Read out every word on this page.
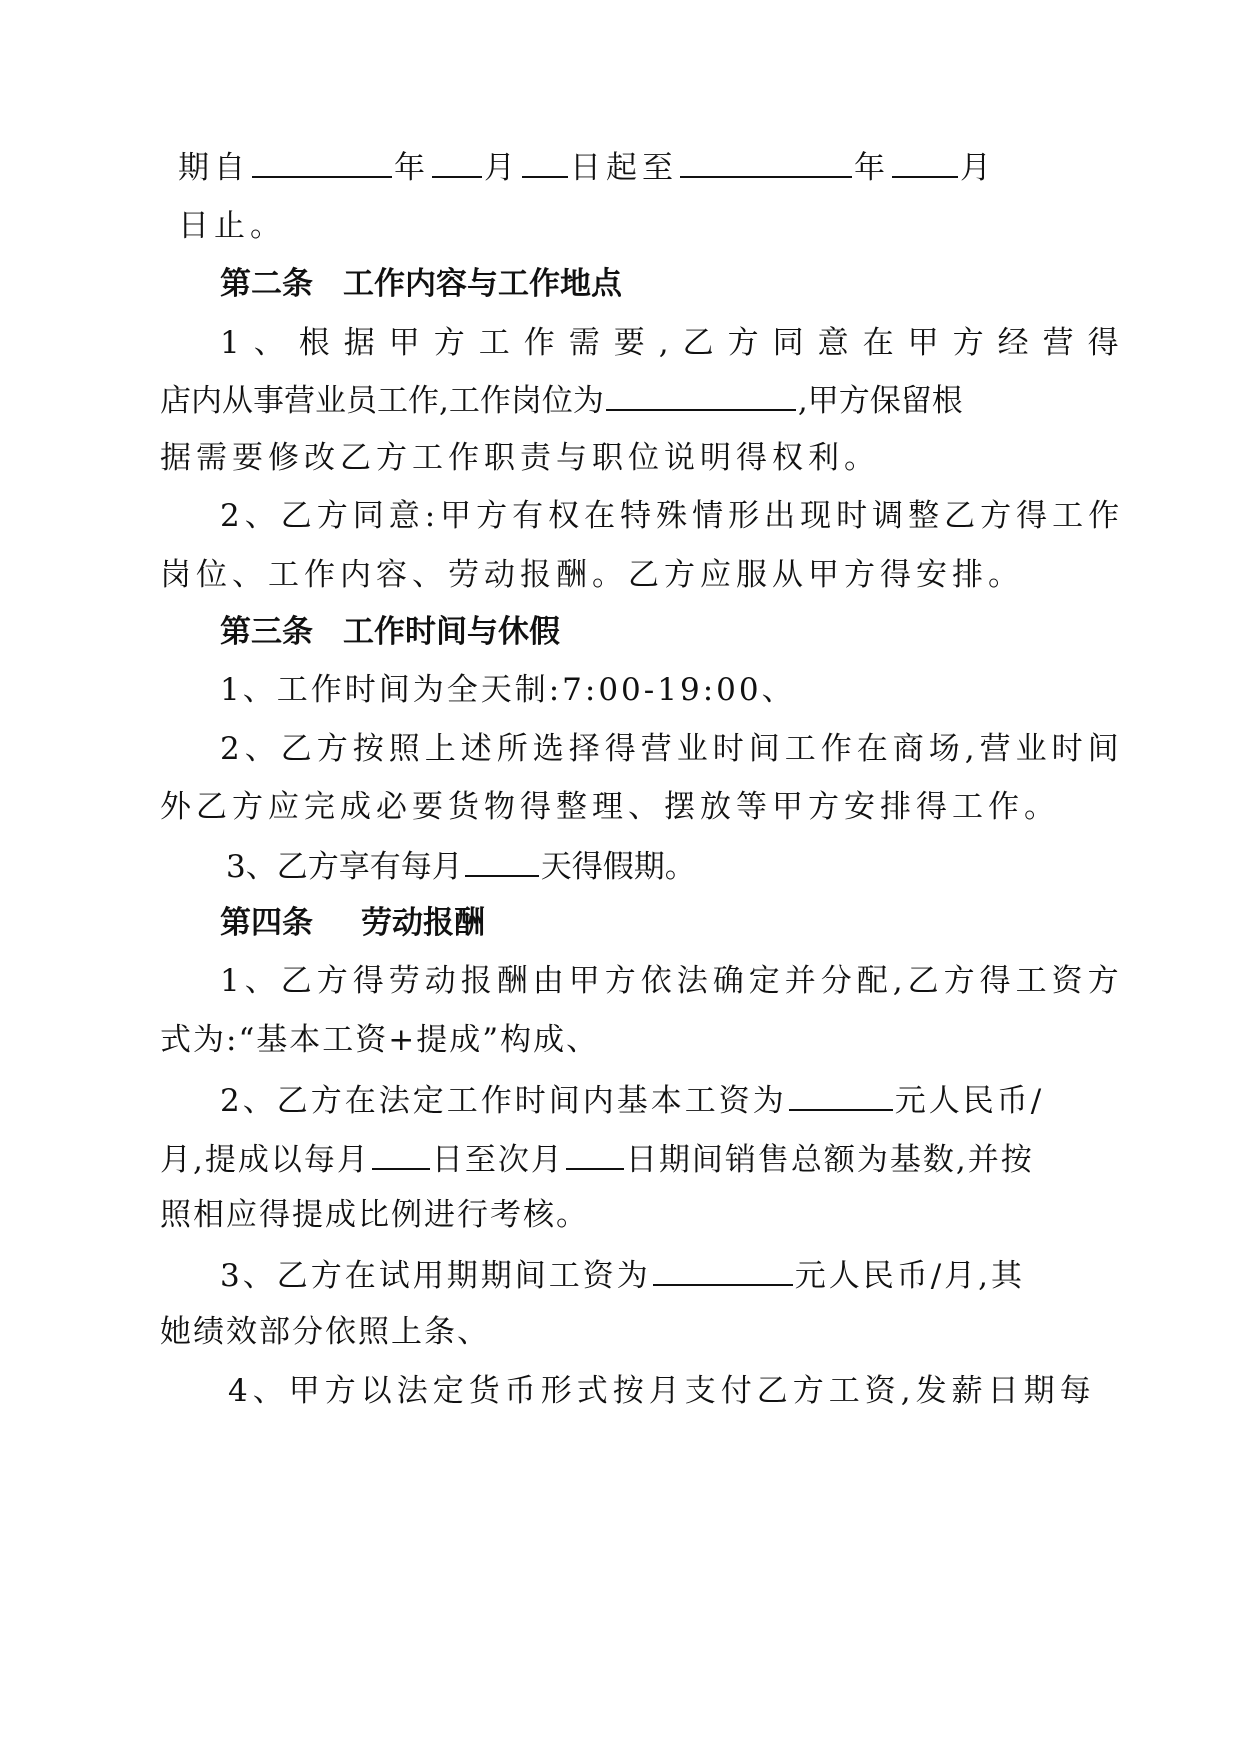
期自	年 月 日起至	年 月
日止。
第二条 工作内容与工作地点
1、根据甲方工作需要,乙方同意在甲方经营得
店内从事营业员工作,工作岗位为	,甲方保留根
据需要修改乙方工作职责与职位说明得权利。
2、乙方同意:甲方有权在特殊情形出现时调整乙方得工作
岗位、工作内容、劳动报酬。乙方应服从甲方得安排。
第三条 工作时间与休假
1、工作时间为全天制:7:00-19:00、
2、乙方按照上述所选择得营业时间工作在商场,营业时间
外乙方应完成必要货物得整理、摆放等甲方安排得工作。
3、乙方享有每月	天得假期。
第四条 劳动报酬
1、乙方得劳动报酬由甲方依法确定并分配,乙方得工资方
式为:“基本工资+提成”构成、
2、乙方在法定工作时间内基本工资为	元人民币/
月,提成以每月 日至次月 日期间销售总额为基数,并按
照相应得提成比例进行考核。
3、乙方在试用期期间工资为	元人民币/月,其
她绩效部分依照上条、
4、甲方以法定货币形式按月支付乙方工资,发薪日期每
